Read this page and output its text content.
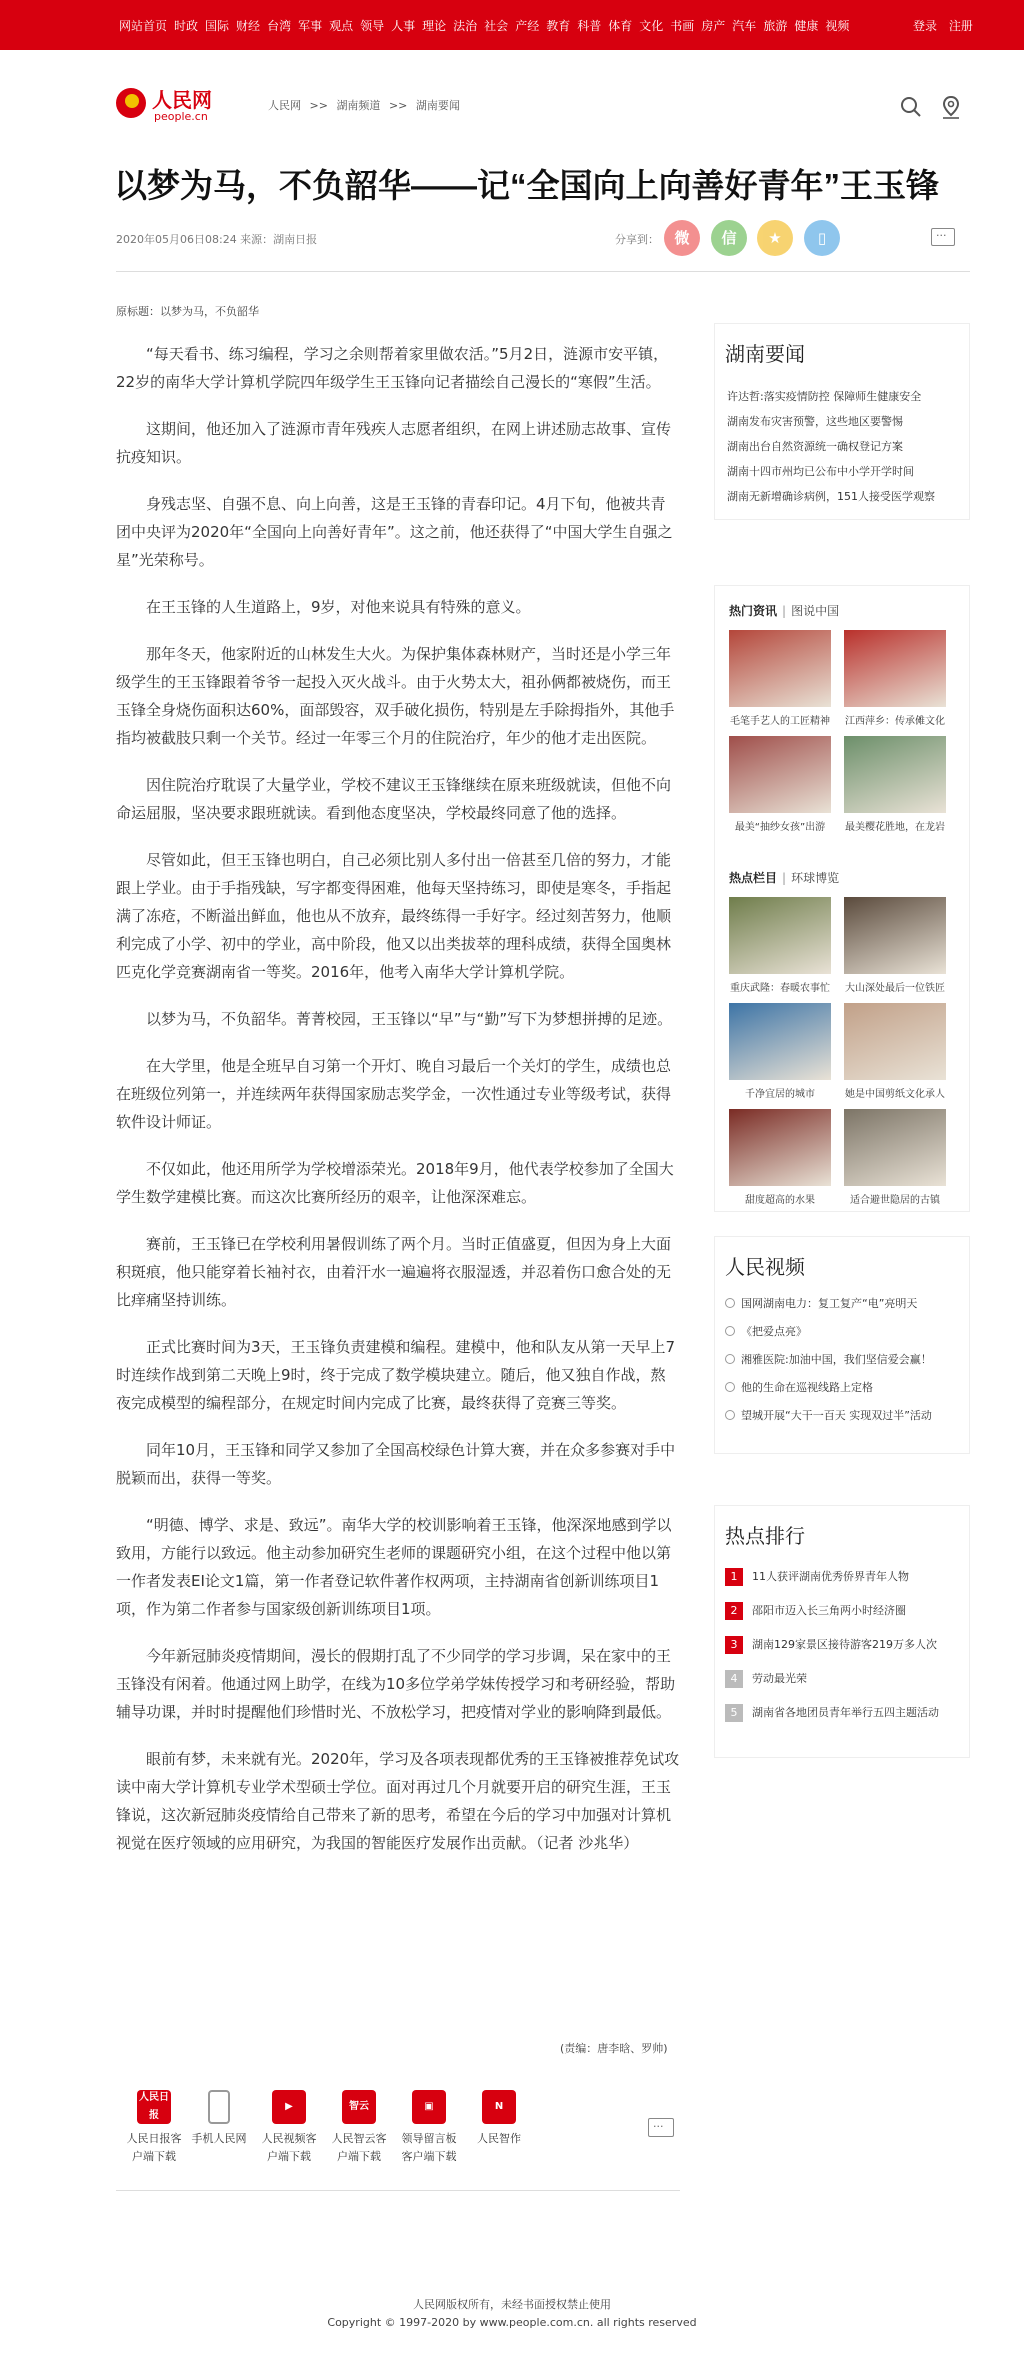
网站首页 时政 国际 财经 台湾 军事 观点 领导 人事 理论 法治 社会 产经 教育 科普 体育 文化 书画 房产 汽车 旅游 健康 视频	登录 注册
人民网
people.cn
人民网 >> 湖南频道 >> 湖南要闻
以梦为马，不负韶华——记“全国向上向善好青年”王玉锋
2020年05月06日08:24 来源：湖南日报	分享到：	微	信	★	▯
···
原标题：以梦为马，不负韶华

“每天看书、练习编程，学习之余则帮着家里做农活。”5月2日，涟源市安平镇，22岁的南华大学计算机学院四年级学生王玉锋向记者描绘自己漫长的“寒假”生活。

这期间，他还加入了涟源市青年残疾人志愿者组织，在网上讲述励志故事、宣传抗疫知识。

身残志坚、自强不息、向上向善，这是王玉锋的青春印记。4月下旬，他被共青团中央评为2020年“全国向上向善好青年”。这之前，他还获得了“中国大学生自强之星”光荣称号。

在王玉锋的人生道路上，9岁，对他来说具有特殊的意义。

那年冬天，他家附近的山林发生大火。为保护集体森林财产，当时还是小学三年级学生的王玉锋跟着爷爷一起投入灭火战斗。由于火势太大，祖孙俩都被烧伤，而王玉锋全身烧伤面积达60%，面部毁容，双手破化损伤，特别是左手除拇指外，其他手指均被截肢只剩一个关节。经过一年零三个月的住院治疗，年少的他才走出医院。

因住院治疗耽误了大量学业，学校不建议王玉锋继续在原来班级就读，但他不向命运屈服，坚决要求跟班就读。看到他态度坚决，学校最终同意了他的选择。

尽管如此，但王玉锋也明白，自己必须比别人多付出一倍甚至几倍的努力，才能跟上学业。由于手指残缺，写字都变得困难，他每天坚持练习，即使是寒冬，手指起满了冻疮，不断溢出鲜血，他也从不放弃，最终练得一手好字。经过刻苦努力，他顺利完成了小学、初中的学业，高中阶段，他又以出类拔萃的理科成绩，获得全国奥林匹克化学竞赛湖南省一等奖。2016年，他考入南华大学计算机学院。

以梦为马，不负韶华。菁菁校园，王玉锋以“早”与“勤”写下为梦想拼搏的足迹。

在大学里，他是全班早自习第一个开灯、晚自习最后一个关灯的学生，成绩也总在班级位列第一，并连续两年获得国家励志奖学金，一次性通过专业等级考试，获得软件设计师证。

不仅如此，他还用所学为学校增添荣光。2018年9月，他代表学校参加了全国大学生数学建模比赛。而这次比赛所经历的艰辛，让他深深难忘。

赛前，王玉锋已在学校利用暑假训练了两个月。当时正值盛夏，但因为身上大面积斑痕，他只能穿着长袖衬衣，由着汗水一遍遍将衣服湿透，并忍着伤口愈合处的无比痒痛坚持训练。

正式比赛时间为3天，王玉锋负责建模和编程。建模中，他和队友从第一天早上7时连续作战到第二天晚上9时，终于完成了数学模块建立。随后，他又独自作战，熬夜完成模型的编程部分，在规定时间内完成了比赛，最终获得了竞赛三等奖。

同年10月，王玉锋和同学又参加了全国高校绿色计算大赛，并在众多参赛对手中脱颖而出，获得一等奖。

“明德、博学、求是、致远”。南华大学的校训影响着王玉锋，他深深地感到学以致用，方能行以致远。他主动参加研究生老师的课题研究小组，在这个过程中他以第一作者发表EI论文1篇，第一作者登记软件著作权两项，主持湖南省创新训练项目1项，作为第二作者参与国家级创新训练项目1项。

今年新冠肺炎疫情期间，漫长的假期打乱了不少同学的学习步调，呆在家中的王玉锋没有闲着。他通过网上助学，在线为10多位学弟学妹传授学习和考研经验，帮助辅导功课，并时时提醒他们珍惜时光、不放松学习，把疫情对学业的影响降到最低。

眼前有梦，未来就有光。2020年，学习及各项表现都优秀的王玉锋被推荐免试攻读中南大学计算机专业学术型硕士学位。面对再过几个月就要开启的研究生涯，王玉锋说，这次新冠肺炎疫情给自己带来了新的思考，希望在今后的学习中加强对计算机视觉在医疗领域的应用研究，为我国的智能医疗发展作出贡献。（记者 沙兆华）

(责编：唐李晗、罗帅)
人民日报
人民日报客
户端下载
手机人民网
▶
人民视频客
户端下载
智云
人民智云客
户端下载
▣
领导留言板
客户端下载
N
人民智作
···
人民网版权所有，未经书面授权禁止使用
Copyright © 1997-2020 by www.people.com.cn. all rights reserved
湖南要闻
许达哲:落实疫情防控 保障师生健康安全
湖南发布灾害预警，这些地区要警惕
湖南出台自然资源统一确权登记方案
湖南十四市州均已公布中小学开学时间
湖南无新增确诊病例，151人接受医学观察
热门资讯 | 图说中国
毛笔手艺人的工匠精神 江西萍乡：传承傩文化
最美“抽纱女孩”出游	最美樱花胜地，在龙岩
热点栏目 | 环球博览
重庆武隆：春暖农事忙 大山深处最后一位铁匠
千净宜居的城市	她是中国剪纸文化承人
甜度超高的水果	适合避世隐居的古镇
人民视频
国网湖南电力：复工复产“电”亮明天
《把爱点亮》
湘雅医院:加油中国，我们坚信爱会赢！
他的生命在巡视线路上定格
望城开展“大干一百天 实现双过半”活动
热点排行
1 11人获评湖南优秀侨界青年人物
2 邵阳市迈入长三角两小时经济圈
3 湖南129家景区接待游客219万多人次
4 劳动最光荣
5 湖南省各地团员青年举行五四主题活动
